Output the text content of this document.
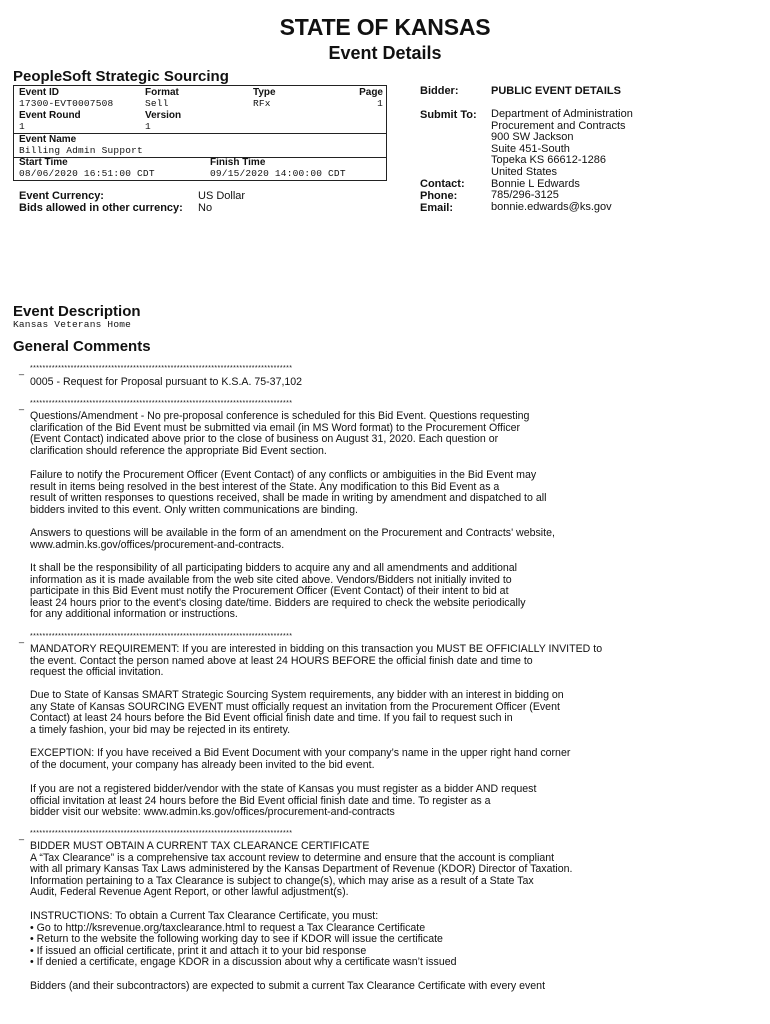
STATE OF KANSAS
Event Details
PeopleSoft Strategic Sourcing
Event ID
17300-EVT0007508
Format
Sell
Type
RFx
Page
1
Event Round
1
Version
1
Event Name
Billing Admin Support
Start Time
08/06/2020 16:51:00 CDT
Finish Time
09/15/2020 14:00:00 CDT
Event Currency:	US Dollar
Bids allowed in other currency: No
Bidder:	PUBLIC EVENT DETAILS
Submit To: Department of Administration
Procurement and Contracts
900 SW Jackson
Suite 451-South
Topeka KS 66612-1286
United States
Bonnie L Edwards
785/296-3125
bonnie.edwards@ks.gov
Contact:
Phone:
Email:
Event Description
Kansas Veterans Home
General Comments
_ ************************************************************************************
0005 - Request for Proposal pursuant to K.S.A. 75-37,102
_ ************************************************************************************
Questions/Amendment - No pre-proposal conference is scheduled for this Bid Event. Questions requesting
clarification of the Bid Event must be submitted via email (in MS Word format) to the Procurement Officer
(Event Contact) indicated above prior to the close of business on August 31, 2020. Each question or
clarification should reference the appropriate Bid Event section.
Failure to notify the Procurement Officer (Event Contact) of any conflicts or ambiguities in the Bid Event may
result in items being resolved in the best interest of the State. Any modification to this Bid Event as a
result of written responses to questions received, shall be made in writing by amendment and dispatched to all
bidders invited to this event. Only written communications are binding.
Answers to questions will be available in the form of an amendment on the Procurement and Contracts' website,
www.admin.ks.gov/offices/procurement-and-contracts.
It shall be the responsibility of all participating bidders to acquire any and all amendments and additional
information as it is made available from the web site cited above. Vendors/Bidders not initially invited to
participate in this Bid Event must notify the Procurement Officer (Event Contact) of their intent to bid at
least 24 hours prior to the event's closing date/time. Bidders are required to check the website periodically
for any additional information or instructions.
_ ************************************************************************************
MANDATORY REQUIREMENT: If you are interested in bidding on this transaction you MUST BE OFFICIALLY INVITED to
the event. Contact the person named above at least 24 HOURS BEFORE the official finish date and time to
request the official invitation.
Due to State of Kansas SMART Strategic Sourcing System requirements, any bidder with an interest in bidding on
any State of Kansas SOURCING EVENT must officially request an invitation from the Procurement Officer (Event
Contact) at least 24 hours before the Bid Event official finish date and time. If you fail to request such in
a timely fashion, your bid may be rejected in its entirety.
EXCEPTION: If you have received a Bid Event Document with your company’s name in the upper right hand corner
of the document, your company has already been invited to the bid event.
If you are not a registered bidder/vendor with the state of Kansas you must register as a bidder AND request
official invitation at least 24 hours before the Bid Event official finish date and time. To register as a
bidder visit our website: www.admin.ks.gov/offices/procurement-and-contracts
_ ************************************************************************************
BIDDER MUST OBTAIN A CURRENT TAX CLEARANCE CERTIFICATE
A “Tax Clearance” is a comprehensive tax account review to determine and ensure that the account is compliant
with all primary Kansas Tax Laws administered by the Kansas Department of Revenue (KDOR) Director of Taxation.
Information pertaining to a Tax Clearance is subject to change(s), which may arise as a result of a State Tax
Audit, Federal Revenue Agent Report, or other lawful adjustment(s).
INSTRUCTIONS: To obtain a Current Tax Clearance Certificate, you must:
• Go to http://ksrevenue.org/taxclearance.html to request a Tax Clearance Certificate
• Return to the website the following working day to see if KDOR will issue the certificate
• If issued an official certificate, print it and attach it to your bid response
• If denied a certificate, engage KDOR in a discussion about why a certificate wasn’t issued
Bidders (and their subcontractors) are expected to submit a current Tax Clearance Certificate with every event
